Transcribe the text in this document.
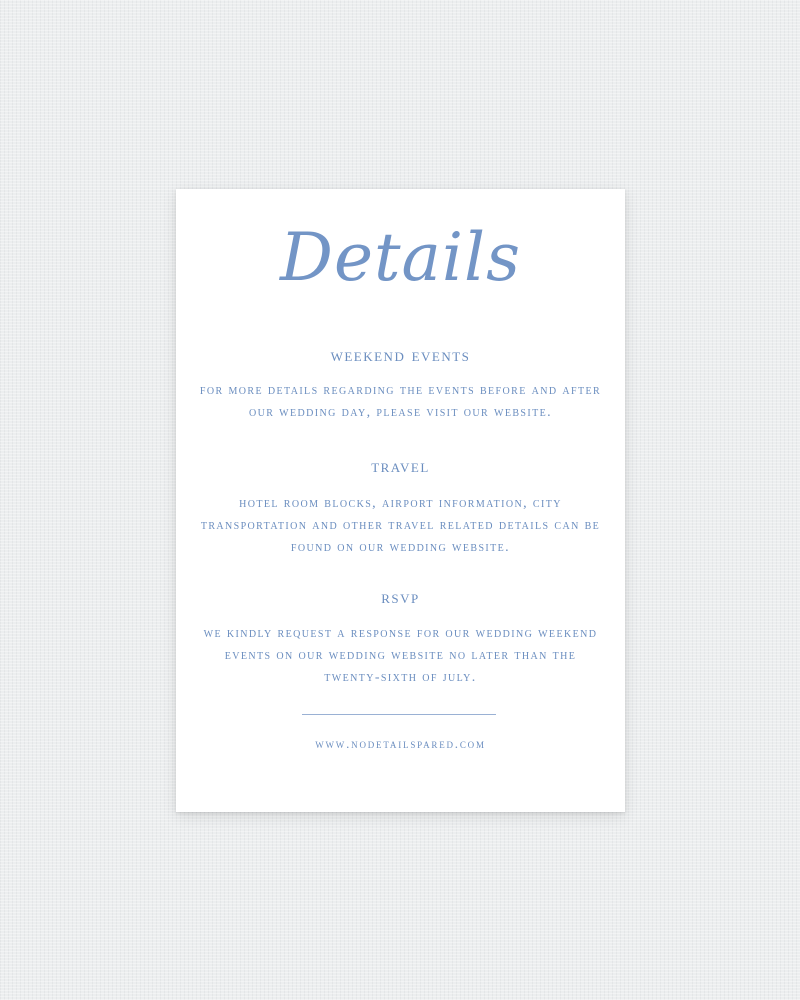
Details
weekend events
for more details regarding the events before and after
our wedding day, please visit our website.
travel
hotel room blocks, airport information, city
transportation and other travel related details can be
found on our wedding website.
rsvp
we kindly request a response for our wedding weekend
events on our wedding website no later than the
twenty-sixth of july.
www.nodetailspared.com
